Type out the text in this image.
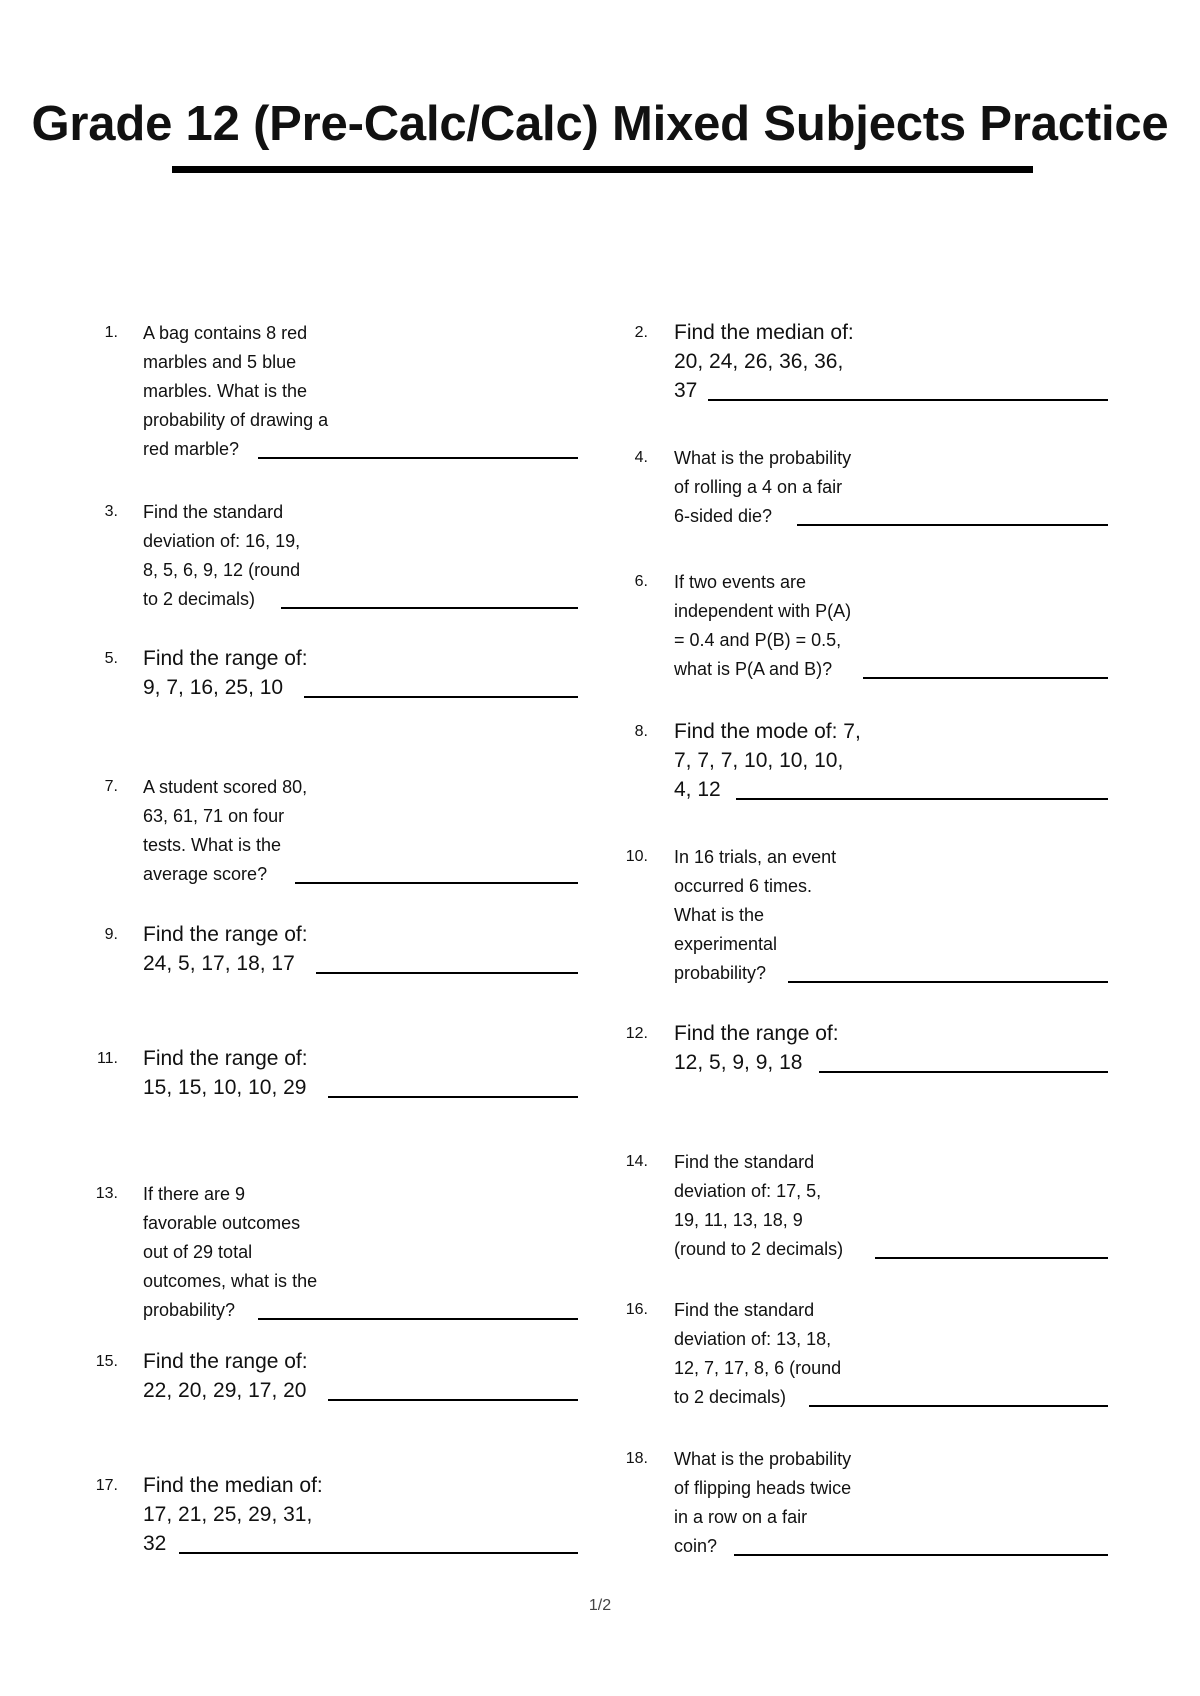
Grade 12 (Pre-Calc/Calc) Mixed Subjects Practice
1. A bag contains 8 red
marbles and 5 blue
marbles. What is the
probability of drawing a
red marble?
2. Find the median of:
20, 24, 26, 36, 36,
37
3. Find the standard
deviation of: 16, 19,
8, 5, 6, 9, 12 (round
to 2 decimals)
4. What is the probability
of rolling a 4 on a fair
6-sided die?
5. Find the range of:
9, 7, 16, 25, 10
6. If two events are
independent with P(A)
= 0.4 and P(B) = 0.5,
what is P(A and B)?
7. A student scored 80,
63, 61, 71 on four
tests. What is the
average score?
8. Find the mode of: 7,
7, 7, 7, 10, 10, 10,
4, 12
9. Find the range of:
24, 5, 17, 18, 17
10. In 16 trials, an event
occurred 6 times.
What is the
experimental
probability?
11. Find the range of:
15, 15, 10, 10, 29
12. Find the range of:
12, 5, 9, 9, 18
13. If there are 9
favorable outcomes
out of 29 total
outcomes, what is the
probability?
14. Find the standard
deviation of: 17, 5,
19, 11, 13, 18, 9
(round to 2 decimals)
15. Find the range of:
22, 20, 29, 17, 20
16. Find the standard
deviation of: 13, 18,
12, 7, 17, 8, 6 (round
to 2 decimals)
17. Find the median of:
17, 21, 25, 29, 31,
32
18. What is the probability
of flipping heads twice
in a row on a fair
coin?
1/2
